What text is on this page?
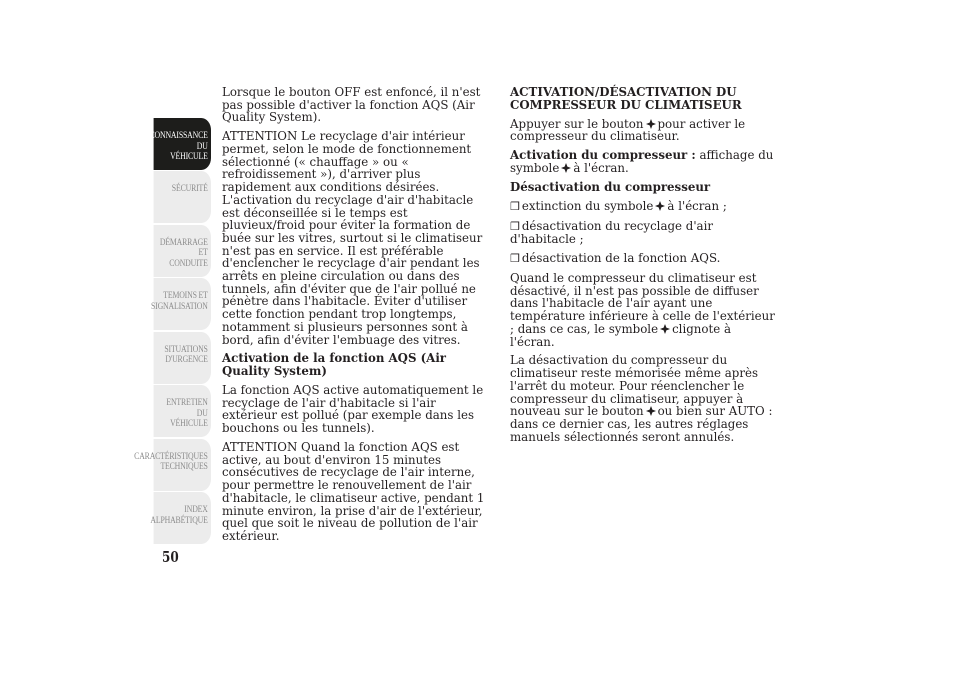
CONNAISSANCE DU
VÉHICULE
SÉCURITÉ
DÉMARRAGE ET
CONDUITE
TEMOINS ET
SIGNALISATION
SITUATIONS
D'URGENCE
ENTRETIEN DU
VÉHICULE
CARACTÉRISTIQUES
TECHNIQUES
INDEX
ALPHABÉTIQUE
50

Lorsque le bouton OFF est enfoncé, il n'est pas possible d'activer la fonction AQS (Air Quality System).

ATTENTION Le recyclage d'air intérieur permet, selon le mode de fonctionnement sélectionné (« chauffage » ou « refroidissement »), d'arriver plus rapidement aux conditions désirées. L'activation du recyclage d'air d'habitacle est déconseillée si le temps est pluvieux/froid pour éviter la formation de buée sur les vitres, surtout si le climatiseur n'est pas en service. Il est préférable d'enclencher le recyclage d'air pendant les arrêts en pleine circulation ou dans des tunnels, afin d'éviter que de l'air pollué ne pénètre dans l'habitacle. Éviter d'utiliser cette fonction pendant trop longtemps, notamment si plusieurs personnes sont à bord, afin d'éviter l'embuage des vitres.

Activation de la fonction AQS (Air Quality System)

La fonction AQS active automatiquement le recyclage de l'air d'habitacle si l'air extérieur est pollué (par exemple dans les bouchons ou les tunnels).

ATTENTION Quand la fonction AQS est active, au bout d'environ 15 minutes consécutives de recyclage de l'air interne, pour permettre le renouvellement de l'air d'habitacle, le climatiseur active, pendant 1 minute environ, la prise d'air de l'extérieur, quel que soit le niveau de pollution de l'air extérieur.

ACTIVATION/DÉSACTIVATION DU COMPRESSEUR DU CLIMATISEUR

Appuyer sur le bouton pour activer le compresseur du climatiseur.

Activation du compresseur : affichage du symbole à l'écran.

Désactivation du compresseur

❒ extinction du symbole à l'écran ;

❒ désactivation du recyclage d'air d'habitacle ;

❒ désactivation de la fonction AQS.

Quand le compresseur du climatiseur est désactivé, il n'est pas possible de diffuser dans l'habitacle de l'air ayant une température inférieure à celle de l'extérieur ; dans ce cas, le symbole clignote à l'écran.

La désactivation du compresseur du climatiseur reste mémorisée même après l'arrêt du moteur. Pour réenclencher le compresseur du climatiseur, appuyer à nouveau sur le bouton ou bien sur AUTO : dans ce dernier cas, les autres réglages manuels sélectionnés seront annulés.
